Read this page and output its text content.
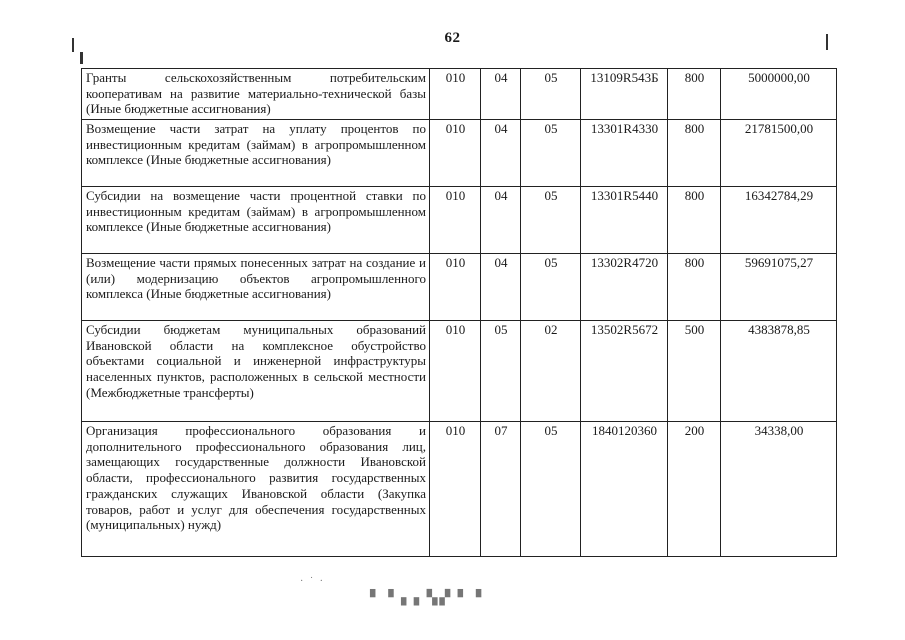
62
▘▝▗ ▖▚▞ ▘▝
· ˙ ·
Гранты сельскохозяйственным потребительским кооперативам на развитие материально-технической базы (Иные бюджетные ассигнования)	010	04	05	13109R543Б	800	5000000,00
Возмещение части затрат на уплату процентов по инвестиционным кредитам (займам) в агропромышленном комплексе (Иные бюджетные ассигнования)	010	04	05	13301R4330	800	21781500,00
Субсидии на возмещение части процентной ставки по инвестиционным кредитам (займам) в агропромышленном комплексе (Иные бюджетные ассигнования)	010	04	05	13301R5440	800	16342784,29
Возмещение части прямых понесенных затрат на создание и (или) модернизацию объектов агропромышленного комплекса (Иные бюджетные ассигнования)	010	04	05	13302R4720	800	59691075,27
Субсидии бюджетам муниципальных образований Ивановской области на комплексное обустройство объектами социальной и инженерной инфраструктуры населенных пунктов, расположенных в сельской местности (Межбюджетные трансферты)	010	05	02	13502R5672	500	4383878,85
Организация профессионального образования и дополнительного профессионального образования лиц, замещающих государственные должности Ивановской области, профессионального развития государственных гражданских служащих Ивановской области (Закупка товаров, работ и услуг для обеспечения государственных (муниципальных) нужд)	010	07	05	1840120360	200	34338,00
